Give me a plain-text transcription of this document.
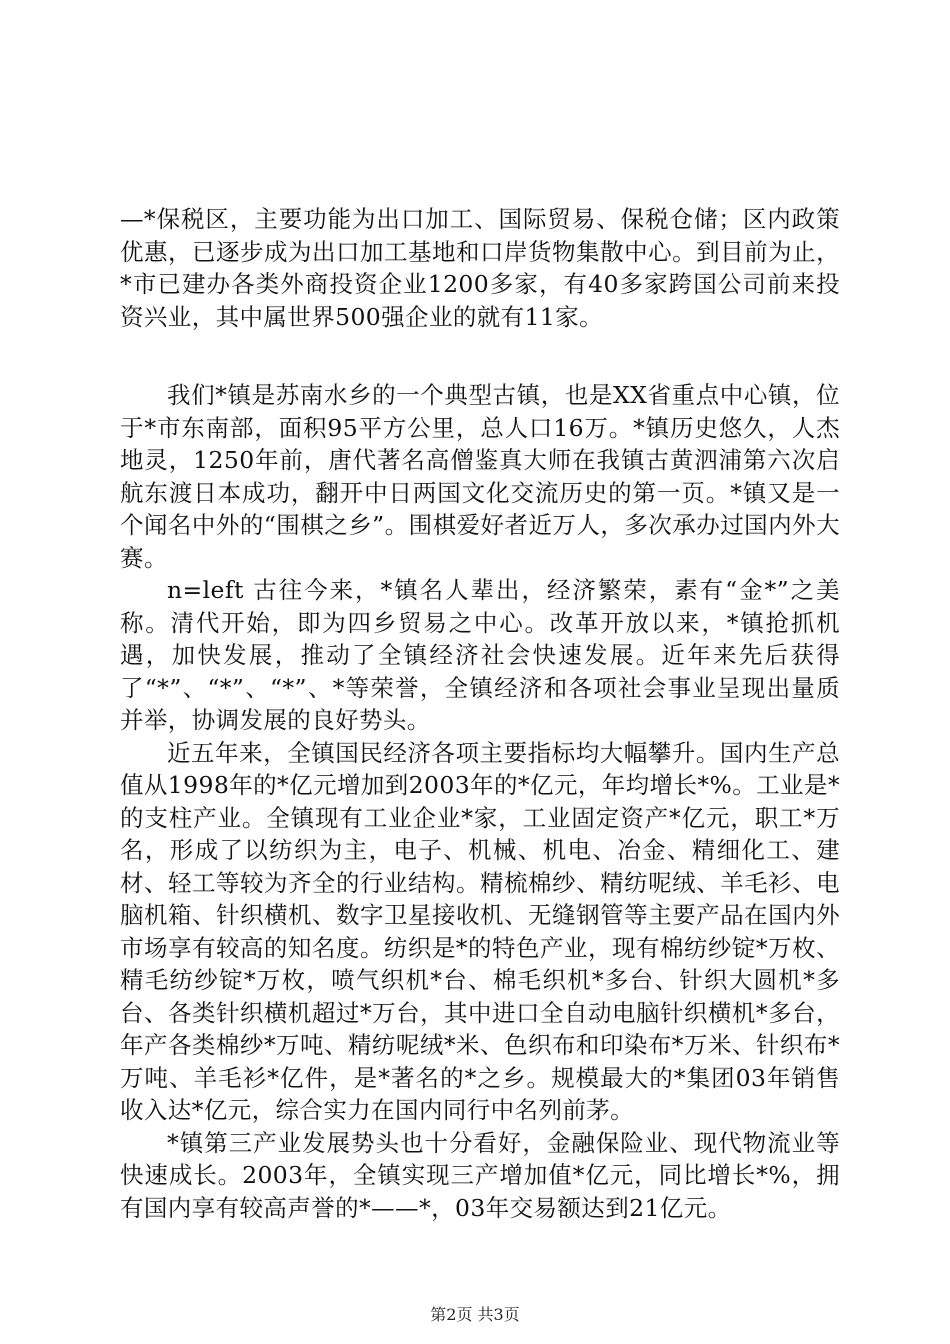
—*保税区，主要功能为出口加工、国际贸易、保税仓储；区内政策优惠，已逐步成为出口加工基地和口岸货物集散中心。到目前为止，*市已建办各类外商投资企业1200多家，有40多家跨国公司前来投资兴业，其中属世界500强企业的就有11家。

我们*镇是苏南水乡的一个典型古镇，也是XX省重点中心镇，位于*市东南部，面积95平方公里，总人口16万。*镇历史悠久，人杰地灵，1250年前，唐代著名高僧鉴真大师在我镇古黄泗浦第六次启航东渡日本成功，翻开中日两国文化交流历史的第一页。*镇又是一个闻名中外的“围棋之乡”。围棋爱好者近万人，多次承办过国内外大赛。

n=left 古往今来，*镇名人辈出，经济繁荣，素有“金*”之美称。清代开始，即为四乡贸易之中心。改革开放以来，*镇抢抓机遇，加快发展，推动了全镇经济社会快速发展。近年来先后获得了“*”、“*”、“*”、*等荣誉，全镇经济和各项社会事业呈现出量质并举，协调发展的良好势头。

近五年来，全镇国民经济各项主要指标均大幅攀升。国内生产总值从1998年的*亿元增加到2003年的*亿元，年均增长*%。工业是*的支柱产业。全镇现有工业企业*家，工业固定资产*亿元，职工*万名，形成了以纺织为主，电子、机械、机电、冶金、精细化工、建材、轻工等较为齐全的行业结构。精梳棉纱、精纺呢绒、羊毛衫、电脑机箱、针织横机、数字卫星接收机、无缝钢管等主要产品在国内外市场享有较高的知名度。纺织是*的特色产业，现有棉纺纱锭*万枚、精毛纺纱锭*万枚，喷气织机*台、棉毛织机*多台、针织大圆机*多台、各类针织横机超过*万台，其中进口全自动电脑针织横机*多台，年产各类棉纱*万吨、精纺呢绒*米、色织布和印染布*万米、针织布*万吨、羊毛衫*亿件，是*著名的*之乡。规模最大的*集团03年销售收入达*亿元，综合实力在国内同行中名列前茅。

*镇第三产业发展势头也十分看好，金融保险业、现代物流业等快速成长。2003年，全镇实现三产增加值*亿元，同比增长*%，拥有国内享有较高声誉的*——*，03年交易额达到21亿元。

第2页 共3页
